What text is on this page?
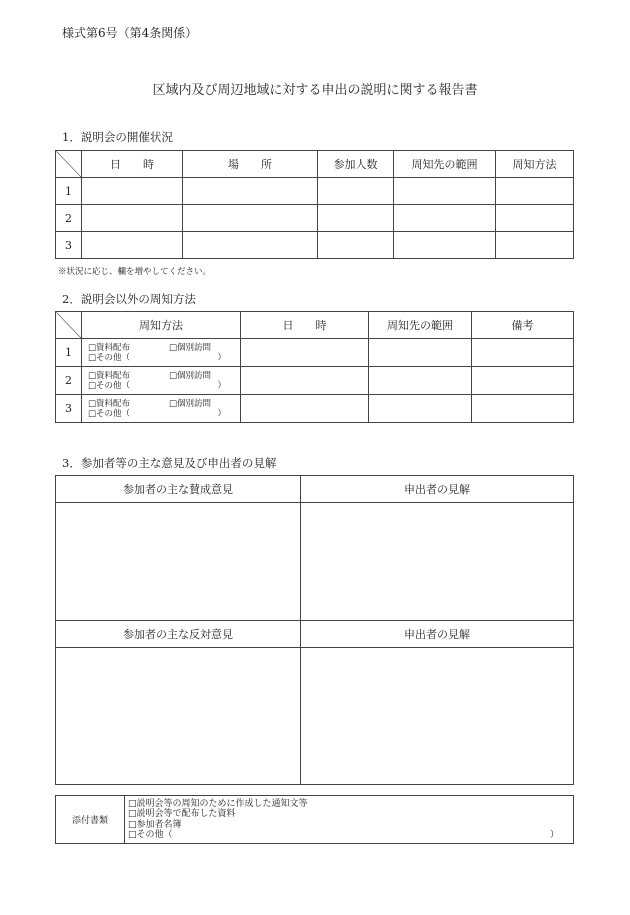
様式第6号（第4条関係）
区域内及び周辺地域に対する申出の説明に関する報告書
1．説明会の開催状況
	日　　時	場　　所	参加人数	周知先の範囲	周知方法
1					
2					
3					
※状況に応じ、欄を増やしてください。
2．説明会以外の周知方法
	周知方法	日　　時	周知先の範囲	備考
1	□資料配布 □個別訪問
□その他（ ）			

2	□資料配布 □個別訪問
□その他（ ）			

3	□資料配布 □個別訪問
□その他（ ）			

3．参加者等の主な意見及び申出者の見解
参加者の主な賛成意見	申出者の見解

参加者の主な反対意見	申出者の見解

添付書類	
□説明会等の周知のために作成した通知文等
□説明会等で配布した資料
□参加者名簿
□その他（	）
